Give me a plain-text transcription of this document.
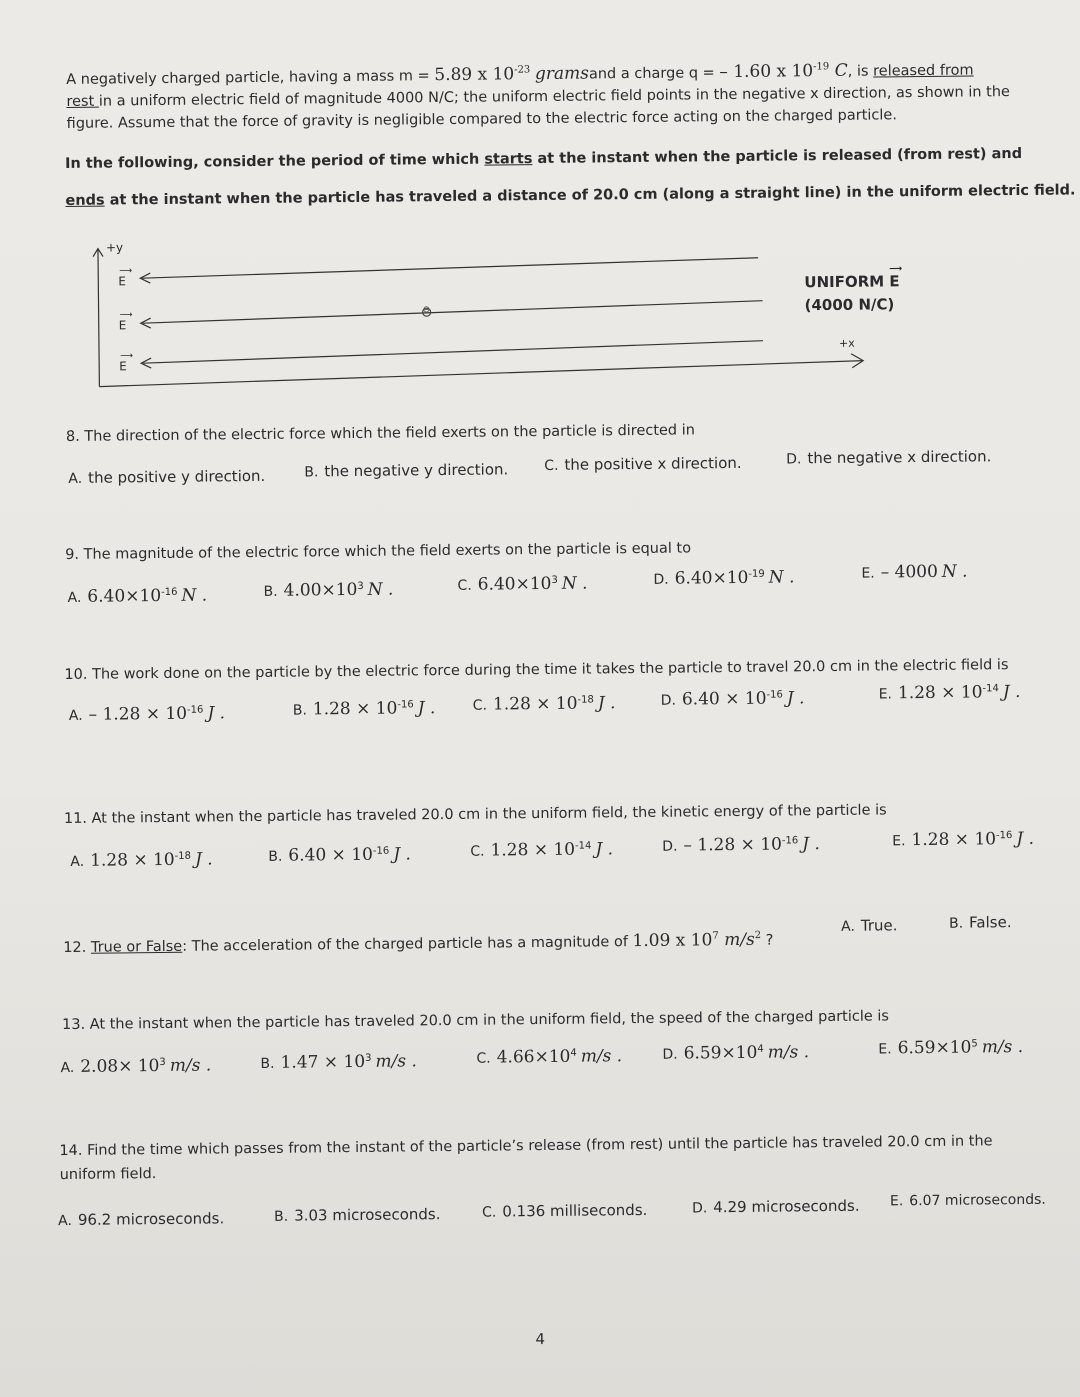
A negatively charged particle, having a mass m = 5.89 x $10^{-23}$ gramsand a charge q = – 1.60 x $10^{-19}$ C, is released from
rest in a uniform electric field of magnitude 4000 N/C; the uniform electric field points in the negative x direction, as shown in the
figure. Assume that the force of gravity is negligible compared to the electric force acting on the charged particle.
In the following, consider the period of time which starts at the instant when the particle is released (from rest) and
ends at the instant when the particle has traveled a distance of 20.0 cm (along a straight line) in the uniform electric field.
+y
⟶
E
⟶
E
⟶
E
⊖
UNIFORM
⟶
E
(4000 N/C)
+x
8. The direction of the electric force which the field exerts on the particle is directed in
A. the positive y direction.	B. the negative y direction.	C. the positive x direction.	D. the negative x direction.
9. The magnitude of the electric force which the field exerts on the particle is equal to
A. $6.40\times 10^{-16}$ N .	B. $4.00\times 10^3$ N .	C. $6.40\times 10^3$ N .	D. $6.40\times 10^{-19}$ N .	E. – 4000 N .
10. The work done on the particle by the electric force during the time it takes the particle to travel 20.0 cm in the electric field is
A. – $1.28 \times 10^{-16}$ J .	B. $1.28 \times 10^{-16}$ J .	C. $1.28 \times 10^{-18}$ J .	D. $6.40 \times 10^{-16}$ J .	E. $1.28 \times 10^{-14}$ J .
11. At the instant when the particle has traveled 20.0 cm in the uniform field, the kinetic energy of the particle is
A. $1.28 \times 10^{-18}$ J .	B. $6.40 \times 10^{-16}$ J .	C. $1.28 \times 10^{-14}$ J .	D. – $1.28 \times 10^{-16}$ J .	E. $1.28 \times 10^{-16}$ J .
12. True or False: The acceleration of the charged particle has a magnitude of 1.09 x $10^7$ $m/s^2$ ?
A. True.	B. False.
13. At the instant when the particle has traveled 20.0 cm in the uniform field, the speed of the charged particle is
A. $2.08\times 10^3$ m/s .	B. $1.47 \times 10^3$ m/s .	C. $4.66\times 10^4$ m/s .	D. $6.59\times 10^4$ m/s .	E. $6.59\times 10^5$ m/s .
14. Find the time which passes from the instant of the particle’s release (from rest) until the particle has traveled 20.0 cm in the
uniform field.
A. 96.2 microseconds.	B. 3.03 microseconds.	C. 0.136 milliseconds.	D. 4.29 microseconds. E. 6.07 microseconds.
4
